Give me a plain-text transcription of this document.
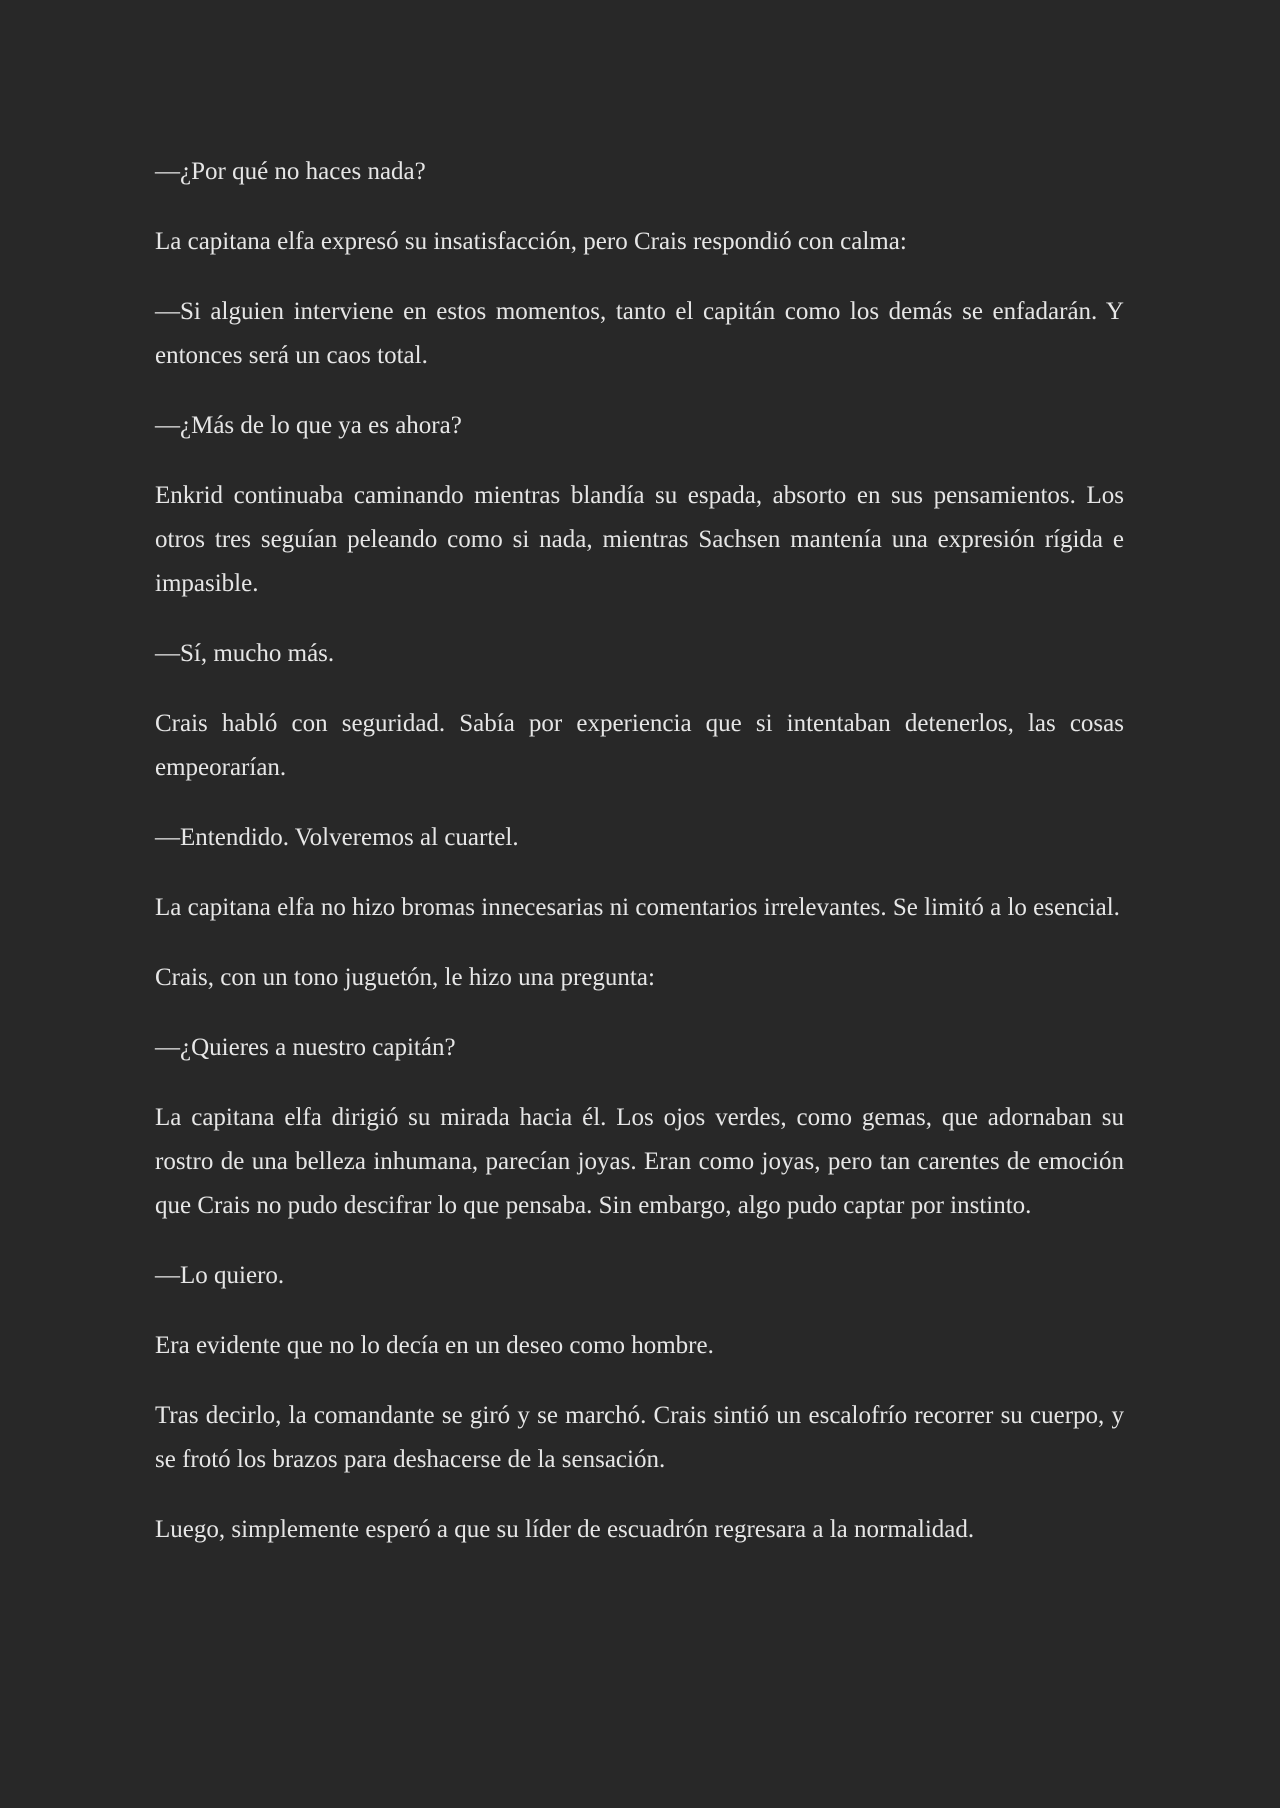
—¿Por qué no haces nada?

La capitana elfa expresó su insatisfacción, pero Crais respondió con calma:

—Si alguien interviene en estos momentos, tanto el capitán como los demás se enfadarán. Y entonces será un caos total.

—¿Más de lo que ya es ahora?

Enkrid continuaba caminando mientras blandía su espada, absorto en sus pensamientos. Los otros tres seguían peleando como si nada, mientras Sachsen mantenía una expresión rígida e impasible.

—Sí, mucho más.

Crais habló con seguridad. Sabía por experiencia que si intentaban detenerlos, las cosas empeorarían.

—Entendido. Volveremos al cuartel.

La capitana elfa no hizo bromas innecesarias ni comentarios irrelevantes. Se limitó a lo esencial.

Crais, con un tono juguetón, le hizo una pregunta:

—¿Quieres a nuestro capitán?

La capitana elfa dirigió su mirada hacia él. Los ojos verdes, como gemas, que adornaban su rostro de una belleza inhumana, parecían joyas. Eran como joyas, pero tan carentes de emoción que Crais no pudo descifrar lo que pensaba. Sin embargo, algo pudo captar por instinto.

—Lo quiero.

Era evidente que no lo decía en un deseo como hombre.

Tras decirlo, la comandante se giró y se marchó. Crais sintió un escalofrío recorrer su cuerpo, y se frotó los brazos para deshacerse de la sensación.

Luego, simplemente esperó a que su líder de escuadrón regresara a la normalidad.
